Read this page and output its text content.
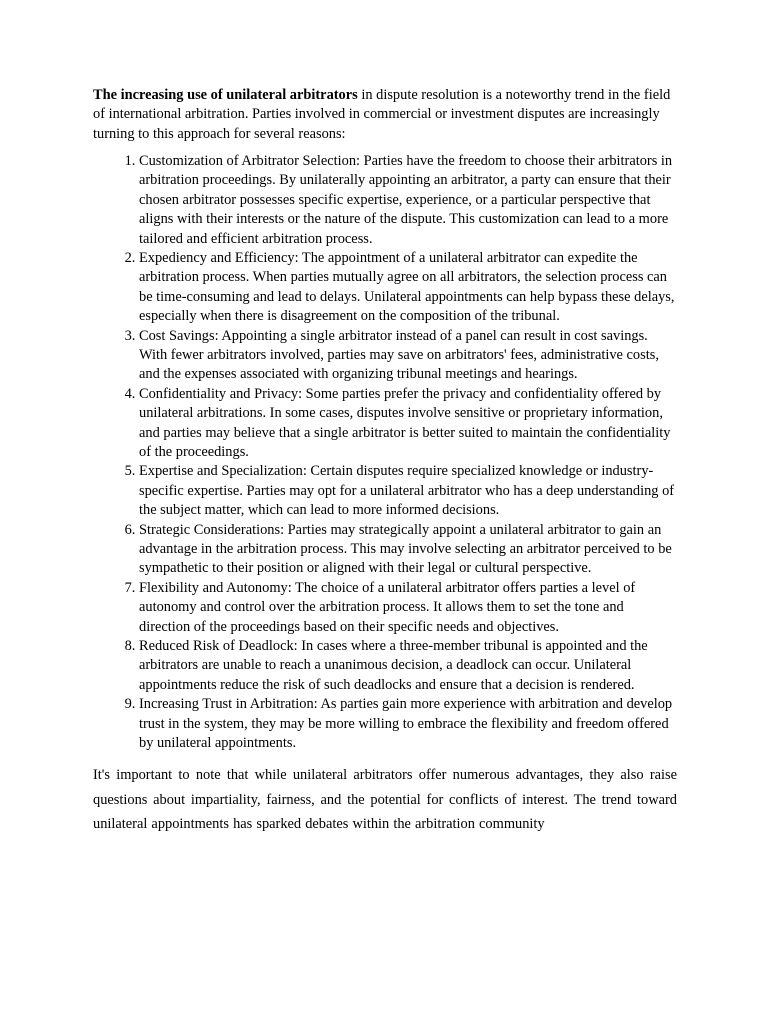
The increasing use of unilateral arbitrators in dispute resolution is a noteworthy trend in the field of international arbitration. Parties involved in commercial or investment disputes are increasingly turning to this approach for several reasons:

1. Customization of Arbitrator Selection: Parties have the freedom to choose their arbitrators in arbitration proceedings. By unilaterally appointing an arbitrator, a party can ensure that their chosen arbitrator possesses specific expertise, experience, or a particular perspective that aligns with their interests or the nature of the dispute. This customization can lead to a more tailored and efficient arbitration process.
2. Expediency and Efficiency: The appointment of a unilateral arbitrator can expedite the arbitration process. When parties mutually agree on all arbitrators, the selection process can be time-consuming and lead to delays. Unilateral appointments can help bypass these delays, especially when there is disagreement on the composition of the tribunal.
3. Cost Savings: Appointing a single arbitrator instead of a panel can result in cost savings. With fewer arbitrators involved, parties may save on arbitrators' fees, administrative costs, and the expenses associated with organizing tribunal meetings and hearings.
4. Confidentiality and Privacy: Some parties prefer the privacy and confidentiality offered by unilateral arbitrations. In some cases, disputes involve sensitive or proprietary information, and parties may believe that a single arbitrator is better suited to maintain the confidentiality of the proceedings.
5. Expertise and Specialization: Certain disputes require specialized knowledge or industry-specific expertise. Parties may opt for a unilateral arbitrator who has a deep understanding of the subject matter, which can lead to more informed decisions.
6. Strategic Considerations: Parties may strategically appoint a unilateral arbitrator to gain an advantage in the arbitration process. This may involve selecting an arbitrator perceived to be sympathetic to their position or aligned with their legal or cultural perspective.
7. Flexibility and Autonomy: The choice of a unilateral arbitrator offers parties a level of autonomy and control over the arbitration process. It allows them to set the tone and direction of the proceedings based on their specific needs and objectives.
8. Reduced Risk of Deadlock: In cases where a three-member tribunal is appointed and the arbitrators are unable to reach a unanimous decision, a deadlock can occur. Unilateral appointments reduce the risk of such deadlocks and ensure that a decision is rendered.
9. Increasing Trust in Arbitration: As parties gain more experience with arbitration and develop trust in the system, they may be more willing to embrace the flexibility and freedom offered by unilateral appointments.

It's important to note that while unilateral arbitrators offer numerous advantages, they also raise questions about impartiality, fairness, and the potential for conflicts of interest. The trend toward unilateral appointments has sparked debates within the arbitration community
